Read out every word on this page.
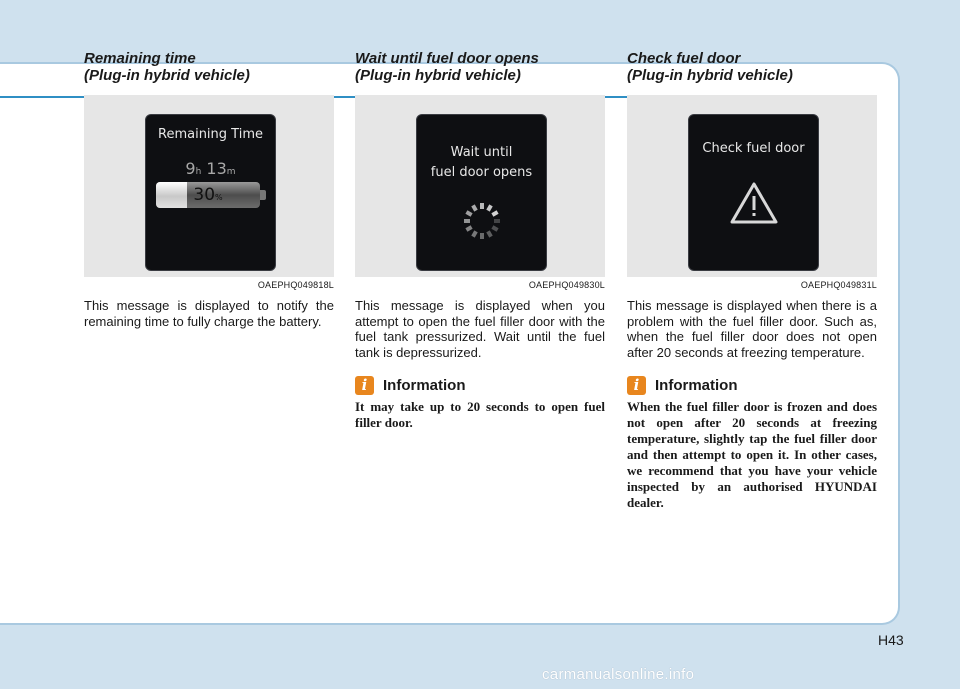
Remaining time
(Plug-in hybrid vehicle)
Remaining Time
9h 13m
30%
OAEPHQ049818L

This message is displayed to notify the remaining time to fully charge the battery.

Wait until fuel door opens
(Plug-in hybrid vehicle)
Wait until
fuel door opens
OAEPHQ049830L

This message is displayed when you attempt to open the fuel filler door with the fuel tank pressurized. Wait until the fuel tank is depressurized.

i	Information

It may take up to 20 seconds to open fuel filler door.

Check fuel door
(Plug-in hybrid vehicle)
Check fuel door
OAEPHQ049831L

This message is displayed when there is a problem with the fuel filler door. Such as, when the fuel filler door does not open after 20 seconds at freezing temperature.

i	Information

When the fuel filler door is frozen and does not open after 20 seconds at freezing temperature, slightly tap the fuel filler door and then attempt to open it. In other cases, we recommend that you have your vehicle inspected by an authorised HYUNDAI dealer.

H43
carmanualsonline.info
